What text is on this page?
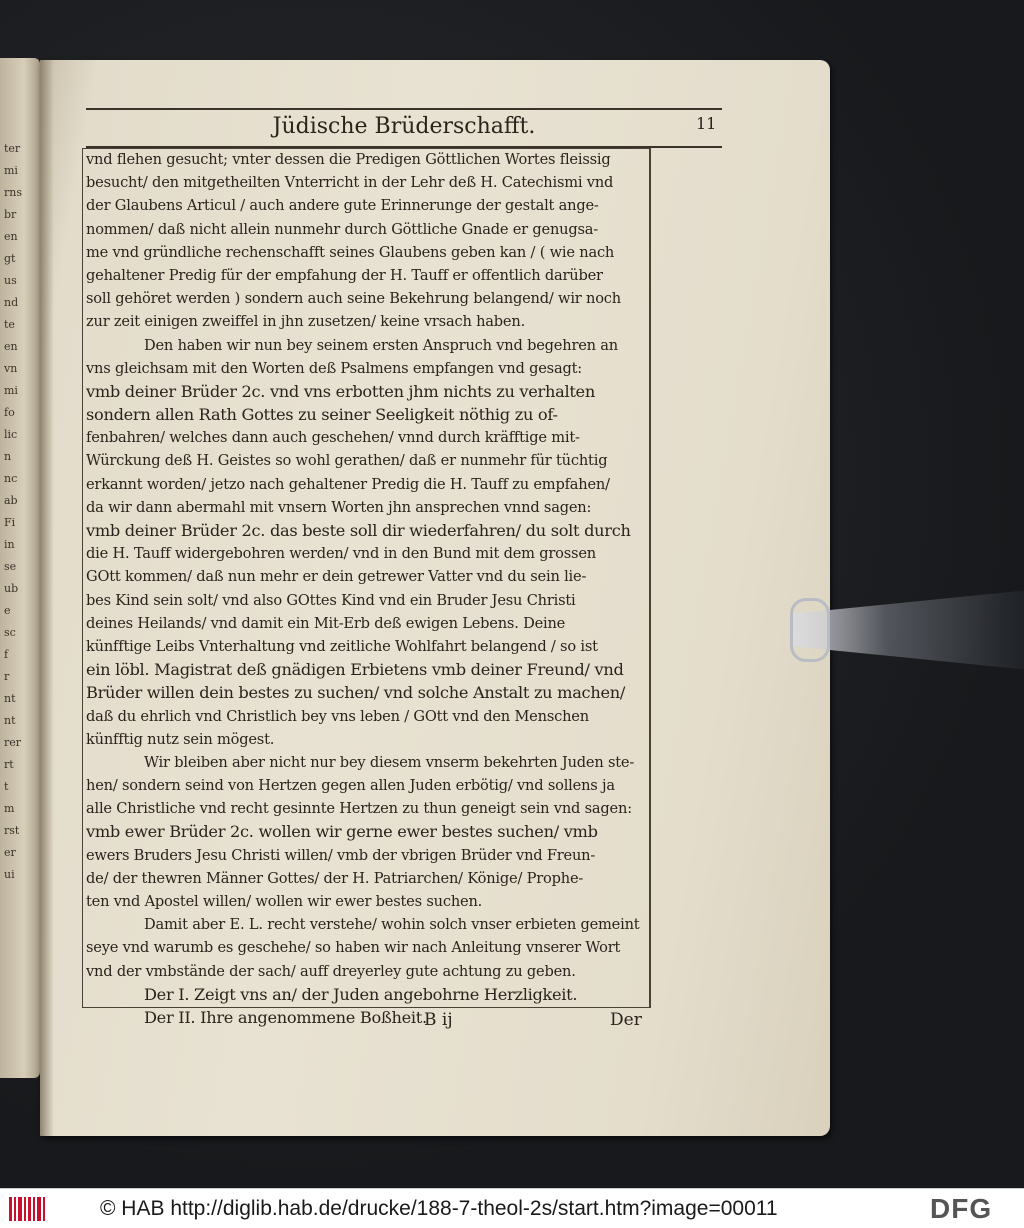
ter
mi
rns
br
en
gt
us
nd
te
en
vn
mi
fo
lic
n
nc
ab
Fi
in
se
ub
e
sc
f
r
nt
nt
rer
rt
t
m
rst
er
ui
Jüdische Brüderschafft.	11
vnd flehen gesucht; vnter dessen die Predigen Göttlichen Wortes fleissig
besucht/ den mitgetheilten Vnterricht in der Lehr deß H. Catechismi vnd
der Glaubens Articul / auch andere gute Erinnerunge der gestalt ange-
nommen/ daß nicht allein nunmehr durch Göttliche Gnade er genugsa-
me vnd gründliche rechenschafft seines Glaubens geben kan / ( wie nach
gehaltener Predig für der empfahung der H. Tauff er offentlich darüber
soll gehöret werden ) sondern auch seine Bekehrung belangend/ wir noch
zur zeit einigen zweiffel in jhn zusetzen/ keine vrsach haben.
Den haben wir nun bey seinem ersten Anspruch vnd begehren an
vns gleichsam mit den Worten deß Psalmens empfangen vnd gesagt:
vmb deiner Brüder 2c. vnd vns erbotten jhm nichts zu verhalten
sondern allen Rath Gottes zu seiner Seeligkeit nöthig zu of-
fenbahren/ welches dann auch geschehen/ vnnd durch kräfftige mit-
Würckung deß H. Geistes so wohl gerathen/ daß er nunmehr für tüchtig
erkannt worden/ jetzo nach gehaltener Predig die H. Tauff zu empfahen/
da wir dann abermahl mit vnsern Worten jhn ansprechen vnnd sagen:
vmb deiner Brüder 2c. das beste soll dir wiederfahren/ du solt durch
die H. Tauff widergebohren werden/ vnd in den Bund mit dem grossen
GOtt kommen/ daß nun mehr er dein getrewer Vatter vnd du sein lie-
bes Kind sein solt/ vnd also GOttes Kind vnd ein Bruder Jesu Christi
deines Heilands/ vnd damit ein Mit-Erb deß ewigen Lebens. Deine
künfftige Leibs Vnterhaltung vnd zeitliche Wohlfahrt belangend / so ist
ein löbl. Magistrat deß gnädigen Erbietens vmb deiner Freund/ vnd
Brüder willen dein bestes zu suchen/ vnd solche Anstalt zu machen/
daß du ehrlich vnd Christlich bey vns leben / GOtt vnd den Menschen
künfftig nutz sein mögest.
Wir bleiben aber nicht nur bey diesem vnserm bekehrten Juden ste-
hen/ sondern seind von Hertzen gegen allen Juden erbötig/ vnd sollens ja
alle Christliche vnd recht gesinnte Hertzen zu thun geneigt sein vnd sagen:
vmb ewer Brüder 2c. wollen wir gerne ewer bestes suchen/ vmb
ewers Bruders Jesu Christi willen/ vmb der vbrigen Brüder vnd Freun-
de/ der thewren Männer Gottes/ der H. Patriarchen/ Könige/ Prophe-
ten vnd Apostel willen/ wollen wir ewer bestes suchen.
Damit aber E. L. recht verstehe/ wohin solch vnser erbieten gemeint
seye vnd warumb es geschehe/ so haben wir nach Anleitung vnserer Wort
vnd der vmbstände der sach/ auff dreyerley gute achtung zu geben.
Der I. Zeigt vns an/ der Juden angebohrne Herzligkeit.
Der II. Ihre angenommene Boßheit.
B ij	Der
© HAB http://diglib.hab.de/drucke/188-7-theol-2s/start.htm?image=00011	DFG
